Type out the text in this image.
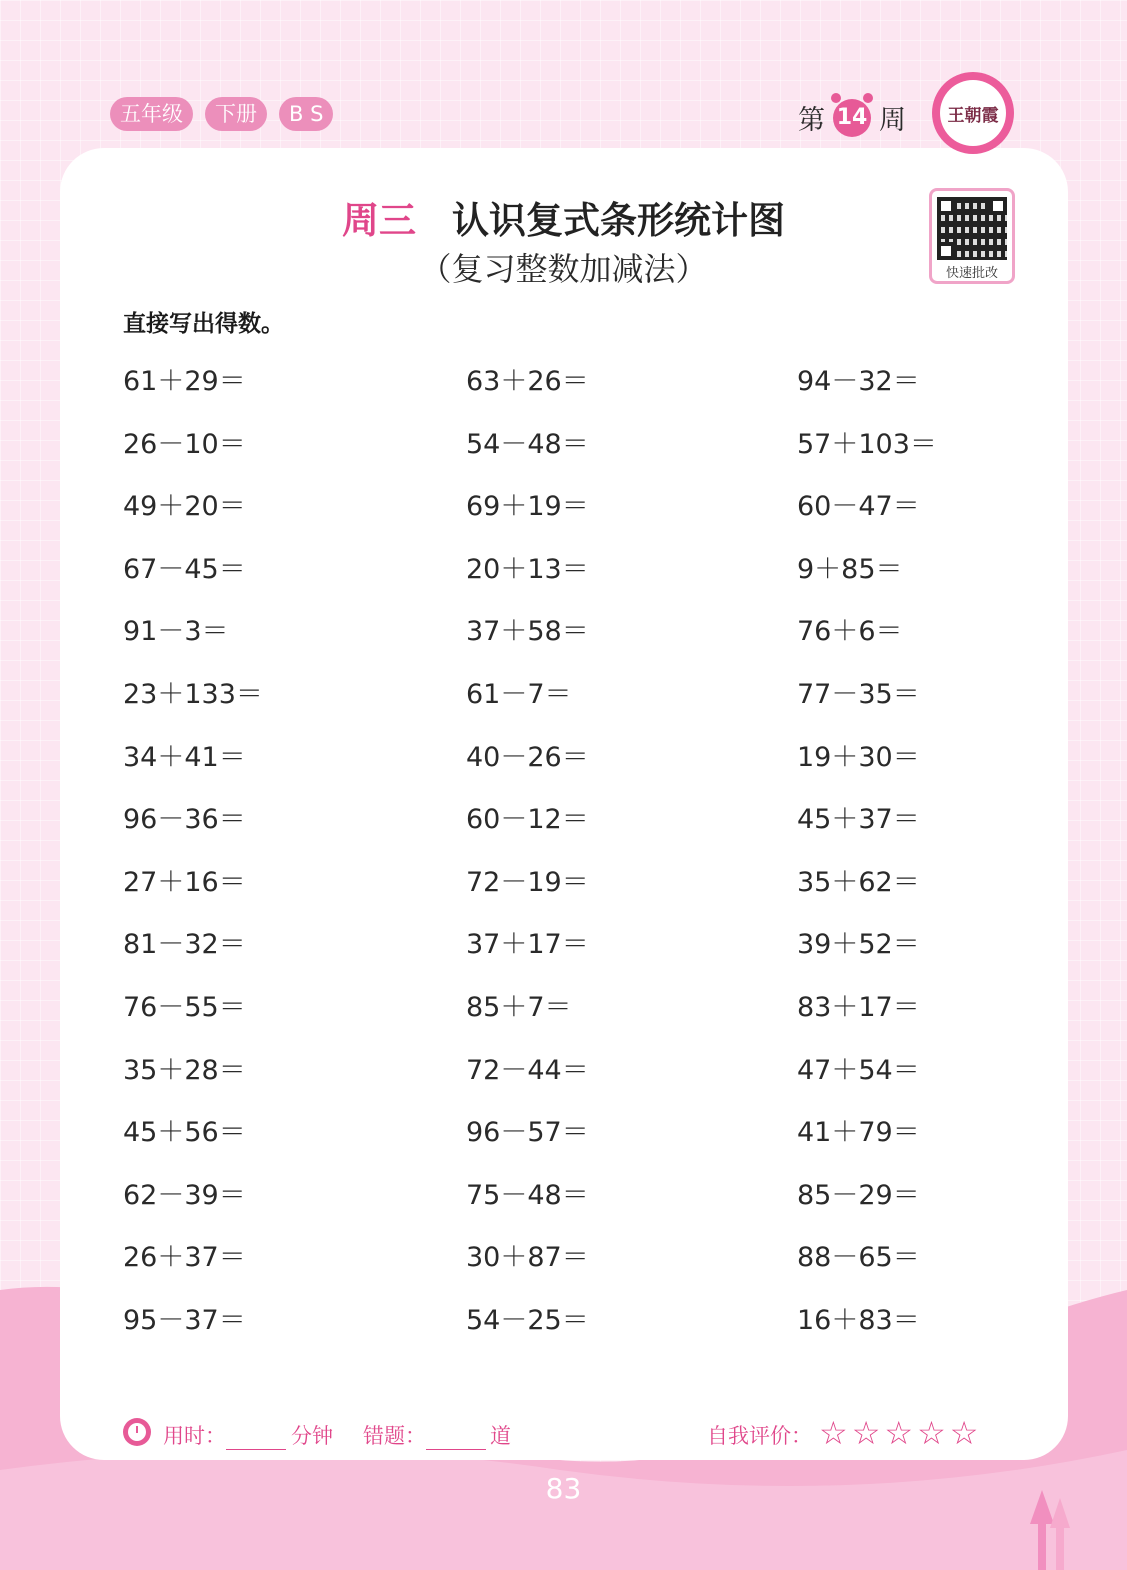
五年级	下册	B S	第 14 周	王朝霞
周三 认识复式条形统计图
（复习整数加减法）	快速批改
直接写出得数。
61＋29＝	63＋26＝	94－32＝
26－10＝	54－48＝	57＋103＝
49＋20＝	69＋19＝	60－47＝
67－45＝	20＋13＝	9＋85＝
91－3＝	37＋58＝	76＋6＝
23＋133＝	61－7＝	77－35＝
34＋41＝	40－26＝	19＋30＝
96－36＝	60－12＝	45＋37＝
27＋16＝	72－19＝	35＋62＝
81－32＝	37＋17＝	39＋52＝
76－55＝	85＋7＝	83＋17＝
35＋28＝	72－44＝	47＋54＝
45＋56＝	96－57＝	41＋79＝
62－39＝	75－48＝	85－29＝
26＋37＝	30＋87＝	88－65＝
95－37＝	54－25＝	16＋83＝
用时：	分钟 错题：	道	自我评价： ☆☆☆☆☆
83
